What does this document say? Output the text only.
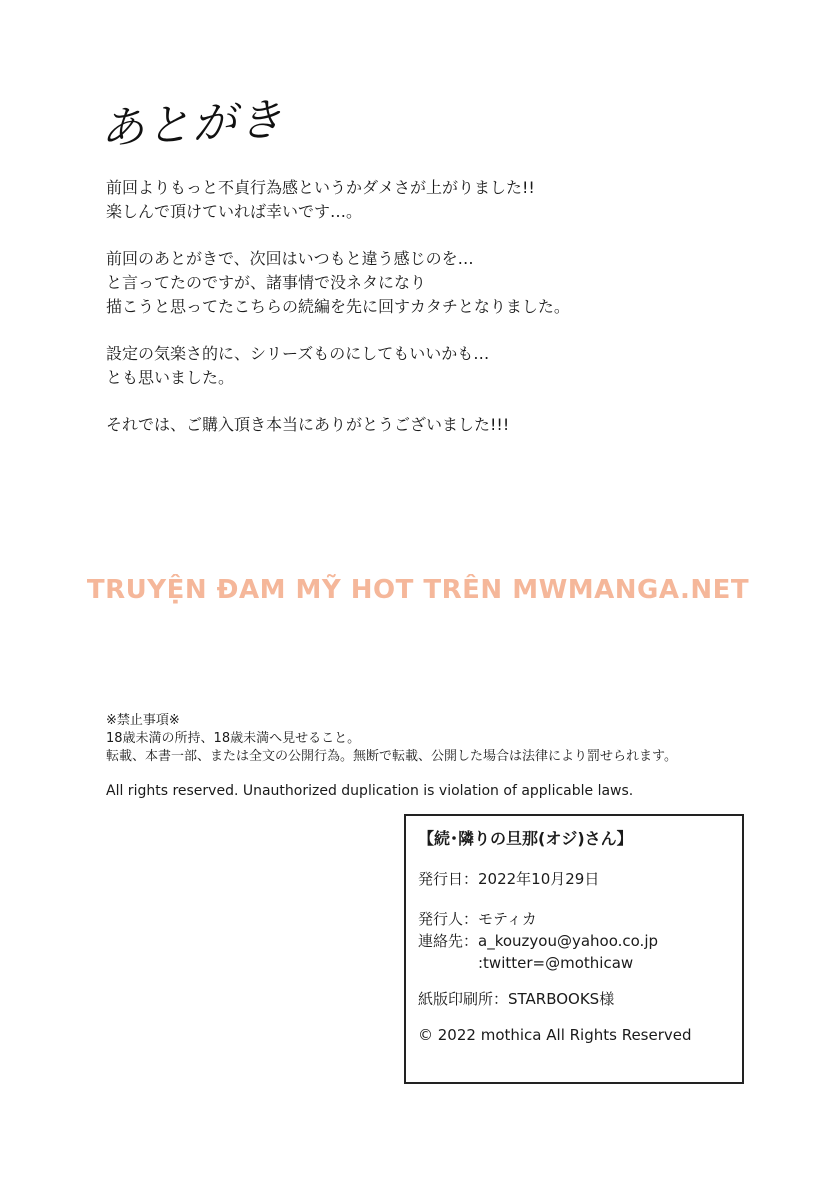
あとがき
前回よりもっと不貞行為感というかダメさが上がりました!!
楽しんで頂けていれば幸いです…。
前回のあとがきで、次回はいつもと違う感じのを…
と言ってたのですが、諸事情で没ネタになり
描こうと思ってたこちらの続編を先に回すカタチとなりました。
設定の気楽さ的に、シリーズものにしてもいいかも…
とも思いました。
それでは、ご購入頂き本当にありがとうございました!!!
TRUYỆN ĐAM MỸ HOT TRÊN MWMANGA.NET
※禁止事項※
18歳未満の所持、18歳未満へ見せること。
転載、本書一部、または全文の公開行為。無断で転載、公開した場合は法律により罰せられます。
All rights reserved. Unauthorized duplication is violation of applicable laws.
【続･隣りの旦那(オジ)さん】
発行日：2022年10月29日
発行人：モティカ
連絡先：a_kouzyou@yahoo.co.jp
　　　　:twitter=@mothicaw
紙版印刷所：STARBOOKS様
© 2022 mothica All Rights Reserved
